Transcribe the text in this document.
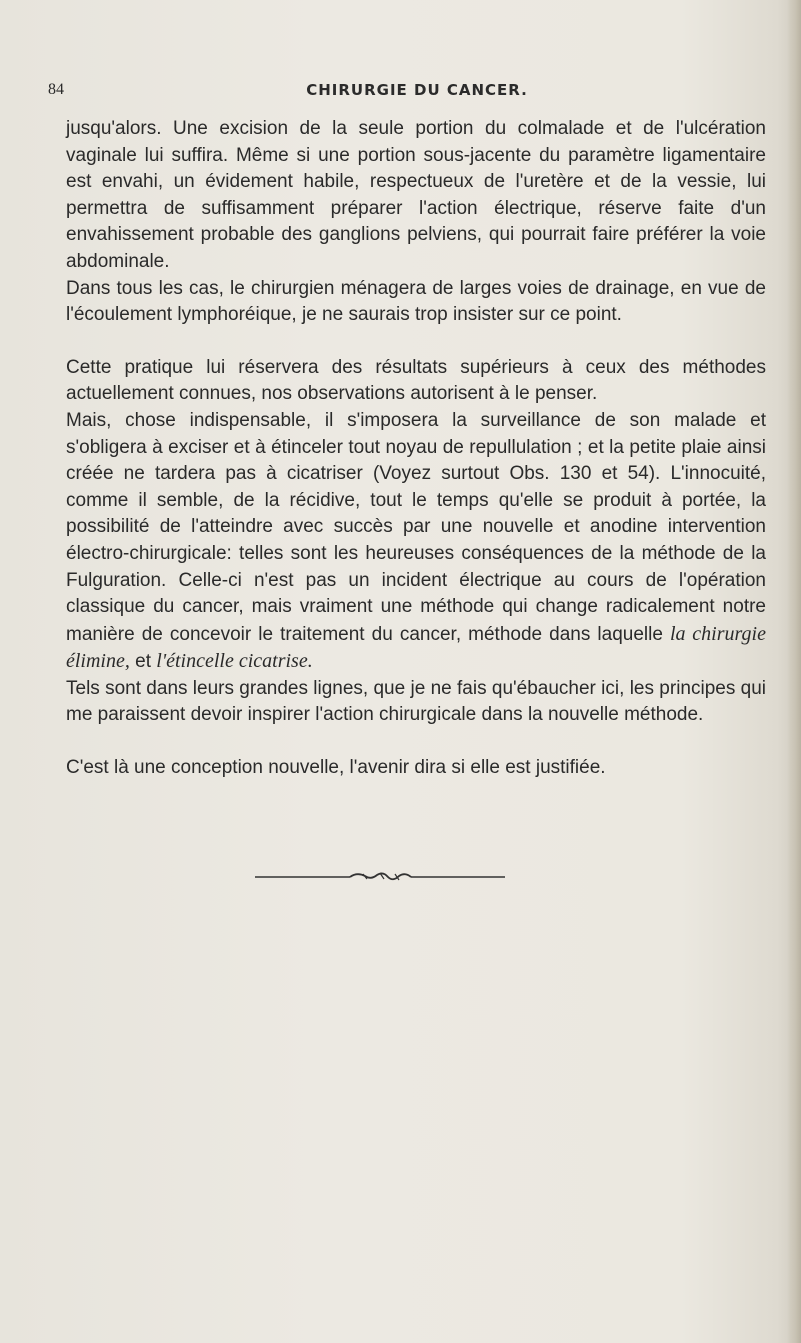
84	CHIRURGIE DU CANCER.

jusqu'alors. Une excision de la seule portion du colmalade et de l'ulcération vaginale lui suffira. Même si une portion sous-jacente du paramètre ligamentaire est envahi, un évidement habile, respectueux de l'uretère et de la vessie, lui permettra de suffisamment préparer l'action électrique, réserve faite d'un envahissement probable des ganglions pelviens, qui pourrait faire préférer la voie abdominale.

Dans tous les cas, le chirurgien ménagera de larges voies de drainage, en vue de l'écoulement lymphoréique, je ne saurais trop insister sur ce point.

Cette pratique lui réservera des résultats supérieurs à ceux des méthodes actuellement connues, nos observations autorisent à le penser.

Mais, chose indispensable, il s'imposera la surveillance de son malade et s'obligera à exciser et à étinceler tout noyau de repullulation ; et la petite plaie ainsi créée ne tardera pas à cicatriser (Voyez surtout Obs. 130 et 54). L'innocuité, comme il semble, de la récidive, tout le temps qu'elle se produit à portée, la possibilité de l'atteindre avec succès par une nouvelle et anodine intervention électro-chirurgicale: telles sont les heureuses conséquences de la méthode de la Fulguration. Celle-ci n'est pas un incident électrique au cours de l'opération classique du cancer, mais vraiment une méthode qui change radicalement notre manière de concevoir le traitement du cancer, méthode dans laquelle la chirurgie élimine, et l'étincelle cicatrise.

Tels sont dans leurs grandes lignes, que je ne fais qu'ébaucher ici, les principes qui me paraissent devoir inspirer l'action chirurgicale dans la nouvelle méthode.

C'est là une conception nouvelle, l'avenir dira si elle est justifiée.
